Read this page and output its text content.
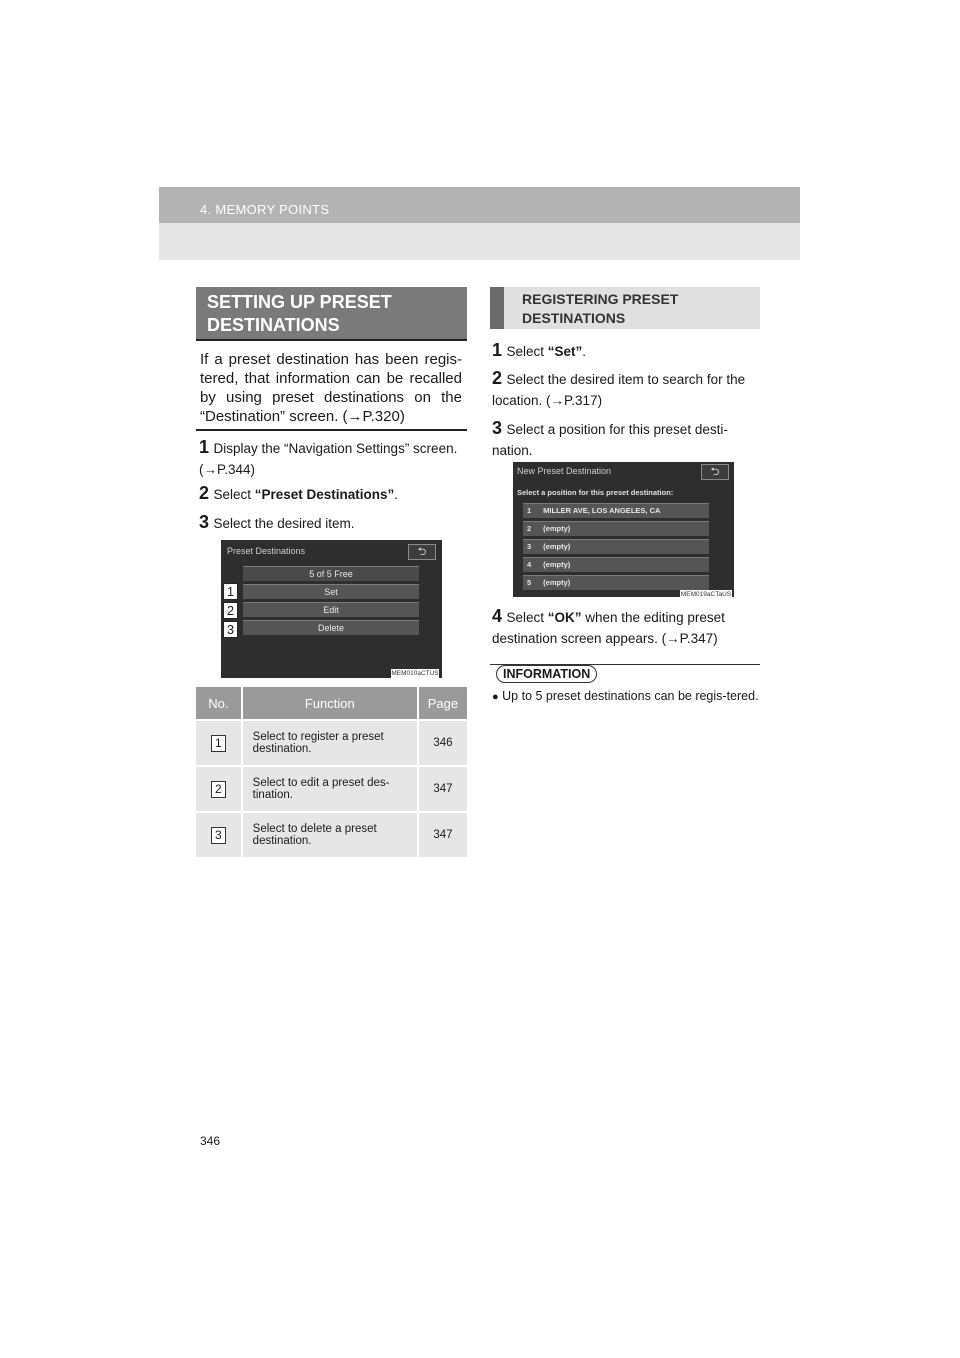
4. MEMORY POINTS
SETTING UP PRESET
DESTINATIONS
If a preset destination has been regis-tered, that information can be recalled by using preset destinations on the “Destination” screen. (→P.320)
1 Display the “Navigation Settings” screen. (→P.344)
2 Select “Preset Destinations”.
3 Select the desired item.
Preset Destinations	⮌
5 of 5 Free
Set
Edit
Delete
1
2
3
MEM010aCTUS
No.	Function	Page
1	Select to register a preset destination.	346
2	Select to edit a preset des-tination.	347
3	Select to delete a preset destination.	347
REGISTERING PRESET
DESTINATIONS
1 Select “Set”.
2 Select the desired item to search for the location. (→P.317)
3 Select a position for this preset desti-nation.
New Preset Destination	⮌
Select a position for this preset destination:
1 MILLER AVE, LOS ANGELES, CA
2 (empty)
3 (empty)
4 (empty)
5 (empty)
MEM019aCTaUS
4 Select “OK” when the editing preset destination screen appears. (→P.347)
INFORMATION
● Up to 5 preset destinations can be regis-tered.
346
